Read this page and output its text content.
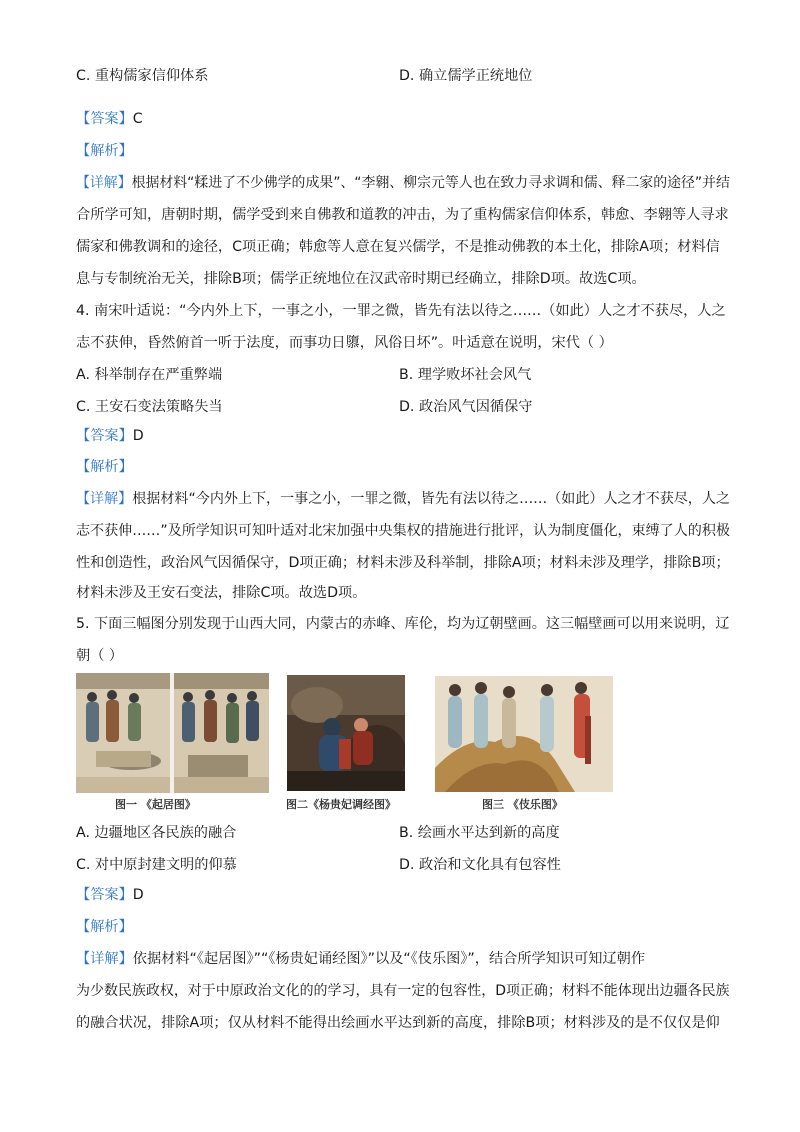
C. 重构儒家信仰体系	D. 确立儒学正统地位
【答案】C
【解析】
【详解】根据材料“糅进了不少佛学的成果”、“李翱、柳宗元等人也在致力寻求调和儒、释二家的途径”并结
合所学可知，唐朝时期，儒学受到来自佛教和道教的冲击，为了重构儒家信仰体系，韩愈、李翱等人寻求
儒家和佛教调和的途径，C项正确；韩愈等人意在复兴儒学，不是推动佛教的本土化，排除A项；材料信
息与专制统治无关，排除B项；儒学正统地位在汉武帝时期已经确立，排除D项。故选C项。
4. 南宋叶适说：“今内外上下，一事之小，一罪之微，皆先有法以待之……（如此）人之才不获尽，人之
志不获伸，昏然俯首一听于法度，而事功日隳，风俗日坏”。叶适意在说明，宋代（ ）
A. 科举制存在严重弊端	B. 理学败坏社会风气
C. 王安石变法策略失当	D. 政治风气因循保守
【答案】D
【解析】
【详解】根据材料“今内外上下，一事之小，一罪之微，皆先有法以待之……（如此）人之才不获尽，人之
志不获伸……”及所学知识可知叶适对北宋加强中央集权的措施进行批评，认为制度僵化，束缚了人的积极
性和创造性，政治风气因循保守，D项正确；材料未涉及科举制，排除A项；材料未涉及理学，排除B项；
材料未涉及王安石变法，排除C项。故选D项。
5. 下面三幅图分别发现于山西大同，内蒙古的赤峰、库伦，均为辽朝壁画。这三幅壁画可以用来说明，辽
朝（ ）
图一 《起居图》	图二《杨贵妃调经图》	图三 《伎乐图》
A. 边疆地区各民族的融合	B. 绘画水平达到新的高度
C. 对中原封建文明的仰慕	D. 政治和文化具有包容性
【答案】D
【解析】
【详解】依据材料“《起居图》”“《杨贵妃诵经图》”以及“《伎乐图》”，结合所学知识可知辽朝作
为少数民族政权，对于中原政治文化的的学习，具有一定的包容性，D项正确；材料不能体现出边疆各民族
的融合状况，排除A项；仅从材料不能得出绘画水平达到新的高度，排除B项；材料涉及的是不仅仅是仰
